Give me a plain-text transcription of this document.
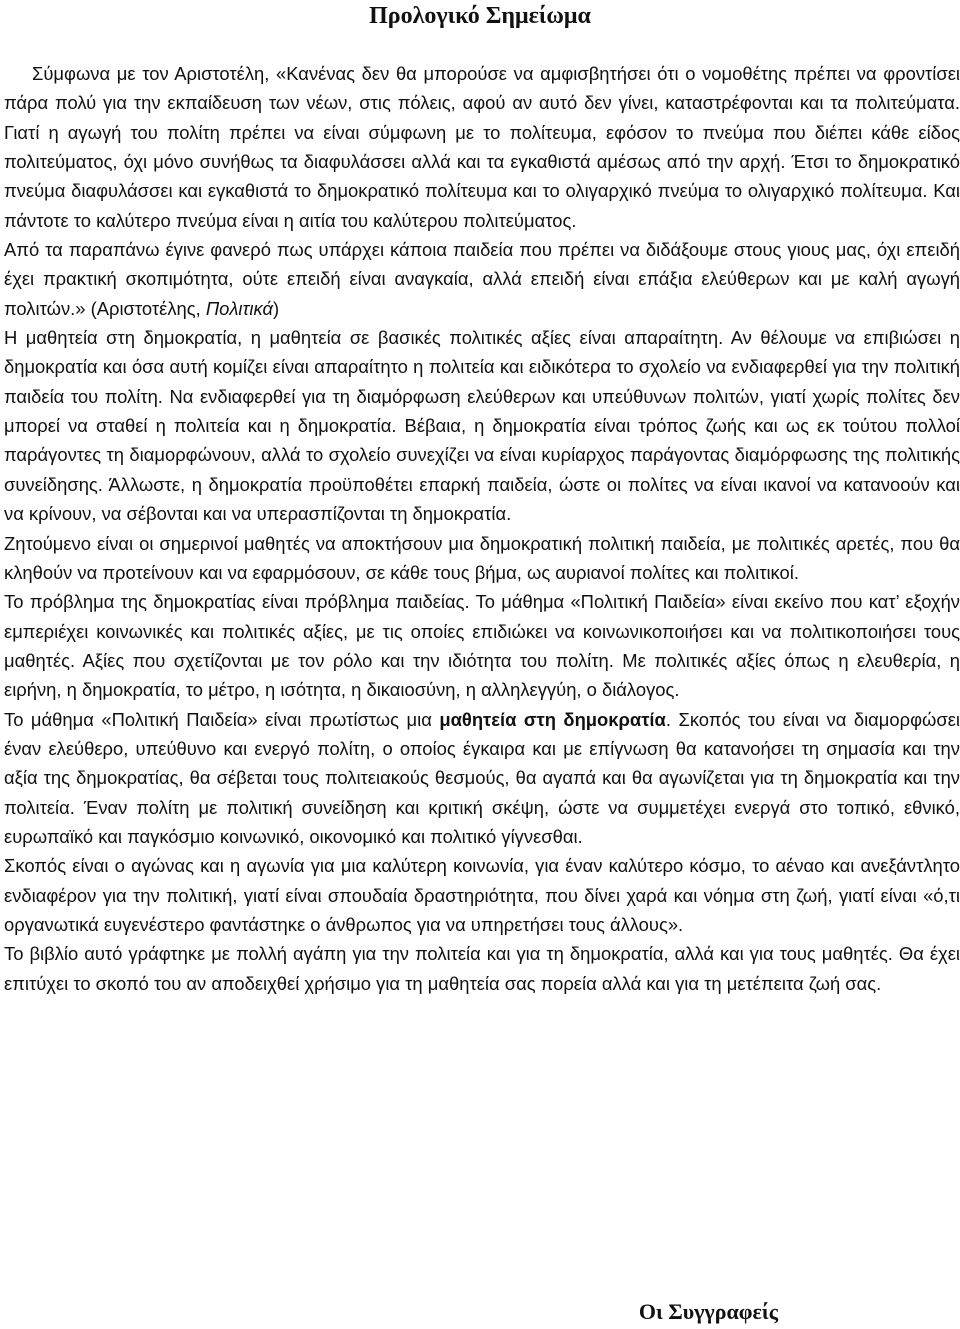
Προλογικό Σημείωμα

Σύμφωνα με τον Αριστοτέλη, «Κανένας δεν θα μπορούσε να αμφισβητήσει ότι ο νομοθέτης πρέπει να φροντίσει πάρα πολύ για την εκπαίδευση των νέων, στις πόλεις, αφού αν αυτό δεν γίνει, καταστρέφονται και τα πολιτεύματα. Γιατί η αγωγή του πολίτη πρέπει να είναι σύμφωνη με το πολίτευμα, εφόσον το πνεύμα που διέπει κάθε είδος πολιτεύματος, όχι μόνο συνήθως τα διαφυλάσσει αλλά και τα εγκαθιστά αμέσως από την αρχή. Έτσι το δημοκρατικό πνεύμα διαφυλάσσει και εγκαθιστά το δημοκρατικό πολίτευμα και το ολιγαρχικό πνεύμα το ολιγαρχικό πολίτευμα. Και πάντοτε το καλύτερο πνεύμα είναι η αιτία του καλύτερου πολιτεύματος.

Από τα παραπάνω έγινε φανερό πως υπάρχει κάποια παιδεία που πρέπει να διδάξουμε στους γιους μας, όχι επειδή έχει πρακτική σκοπιμότητα, ούτε επειδή είναι αναγκαία, αλλά επειδή είναι επάξια ελεύθερων και με καλή αγωγή πολιτών.» (Αριστοτέλης, Πολιτικά)

Η μαθητεία στη δημοκρατία, η μαθητεία σε βασικές πολιτικές αξίες είναι απαραίτητη. Αν θέλουμε να επιβιώσει η δημοκρατία και όσα αυτή κομίζει είναι απαραίτητο η πολιτεία και ειδικότερα το σχολείο να ενδιαφερθεί για την πολιτική παιδεία του πολίτη. Να ενδιαφερθεί για τη διαμόρφωση ελεύθερων και υπεύθυνων πολιτών, γιατί χωρίς πολίτες δεν μπορεί να σταθεί η πολιτεία και η δημοκρατία. Βέβαια, η δημοκρατία είναι τρόπος ζωής και ως εκ τούτου πολλοί παράγοντες τη διαμορφώνουν, αλλά το σχολείο συνεχίζει να είναι κυρίαρχος παράγοντας διαμόρφωσης της πολιτικής συνείδησης. Άλλωστε, η δημοκρατία προϋποθέτει επαρκή παιδεία, ώστε οι πολίτες να είναι ικανοί να κατανοούν και να κρίνουν, να σέβονται και να υπερασπίζονται τη δημοκρατία.

Ζητούμενο είναι οι σημερινοί μαθητές να αποκτήσουν μια δημοκρατική πολιτική παιδεία, με πολιτικές αρετές, που θα κληθούν να προτείνουν και να εφαρμόσουν, σε κάθε τους βήμα, ως αυριανοί πολίτες και πολιτικοί.

Το πρόβλημα της δημοκρατίας είναι πρόβλημα παιδείας. Το μάθημα «Πολιτική Παιδεία» είναι εκείνο που κατ’ εξοχήν εμπεριέχει κοινωνικές και πολιτικές αξίες, με τις οποίες επιδιώκει να κοινωνικοποιήσει και να πολιτικοποιήσει τους μαθητές. Αξίες που σχετίζονται με τον ρόλο και την ιδιότητα του πολίτη. Με πολιτικές αξίες όπως η ελευθερία, η ειρήνη, η δημοκρατία, το μέτρο, η ισότητα, η δικαιοσύνη, η αλληλεγγύη, ο διάλογος.

Το μάθημα «Πολιτική Παιδεία» είναι πρωτίστως μια μαθητεία στη δημοκρατία. Σκοπός του είναι να διαμορφώσει έναν ελεύθερο, υπεύθυνο και ενεργό πολίτη, ο οποίος έγκαιρα και με επίγνωση θα κατανοήσει τη σημασία και την αξία της δημοκρατίας, θα σέβεται τους πολιτειακούς θεσμούς, θα αγαπά και θα αγωνίζεται για τη δημοκρατία και την πολιτεία. Έναν πολίτη με πολιτική συνείδηση και κριτική σκέψη, ώστε να συμμετέχει ενεργά στο τοπικό, εθνικό, ευρωπαϊκό και παγκόσμιο κοινωνικό, οικονομικό και πολιτικό γίγνεσθαι.

Σκοπός είναι ο αγώνας και η αγωνία για μια καλύτερη κοινωνία, για έναν καλύτερο κόσμο, το αέναο και ανεξάντλητο ενδιαφέρον για την πολιτική, γιατί είναι σπουδαία δραστηριότητα, που δίνει χαρά και νόημα στη ζωή, γιατί είναι «ό,τι οργανωτικά ευγενέστερο φαντάστηκε ο άνθρωπος για να υπηρετήσει τους άλλους».

Το βιβλίο αυτό γράφτηκε με πολλή αγάπη για την πολιτεία και για τη δημοκρατία, αλλά και για τους μαθητές. Θα έχει επιτύχει το σκοπό του αν αποδειχθεί χρήσιμο για τη μαθητεία σας πορεία αλλά και για τη μετέπειτα ζωή σας.

Οι Συγγραφείς
